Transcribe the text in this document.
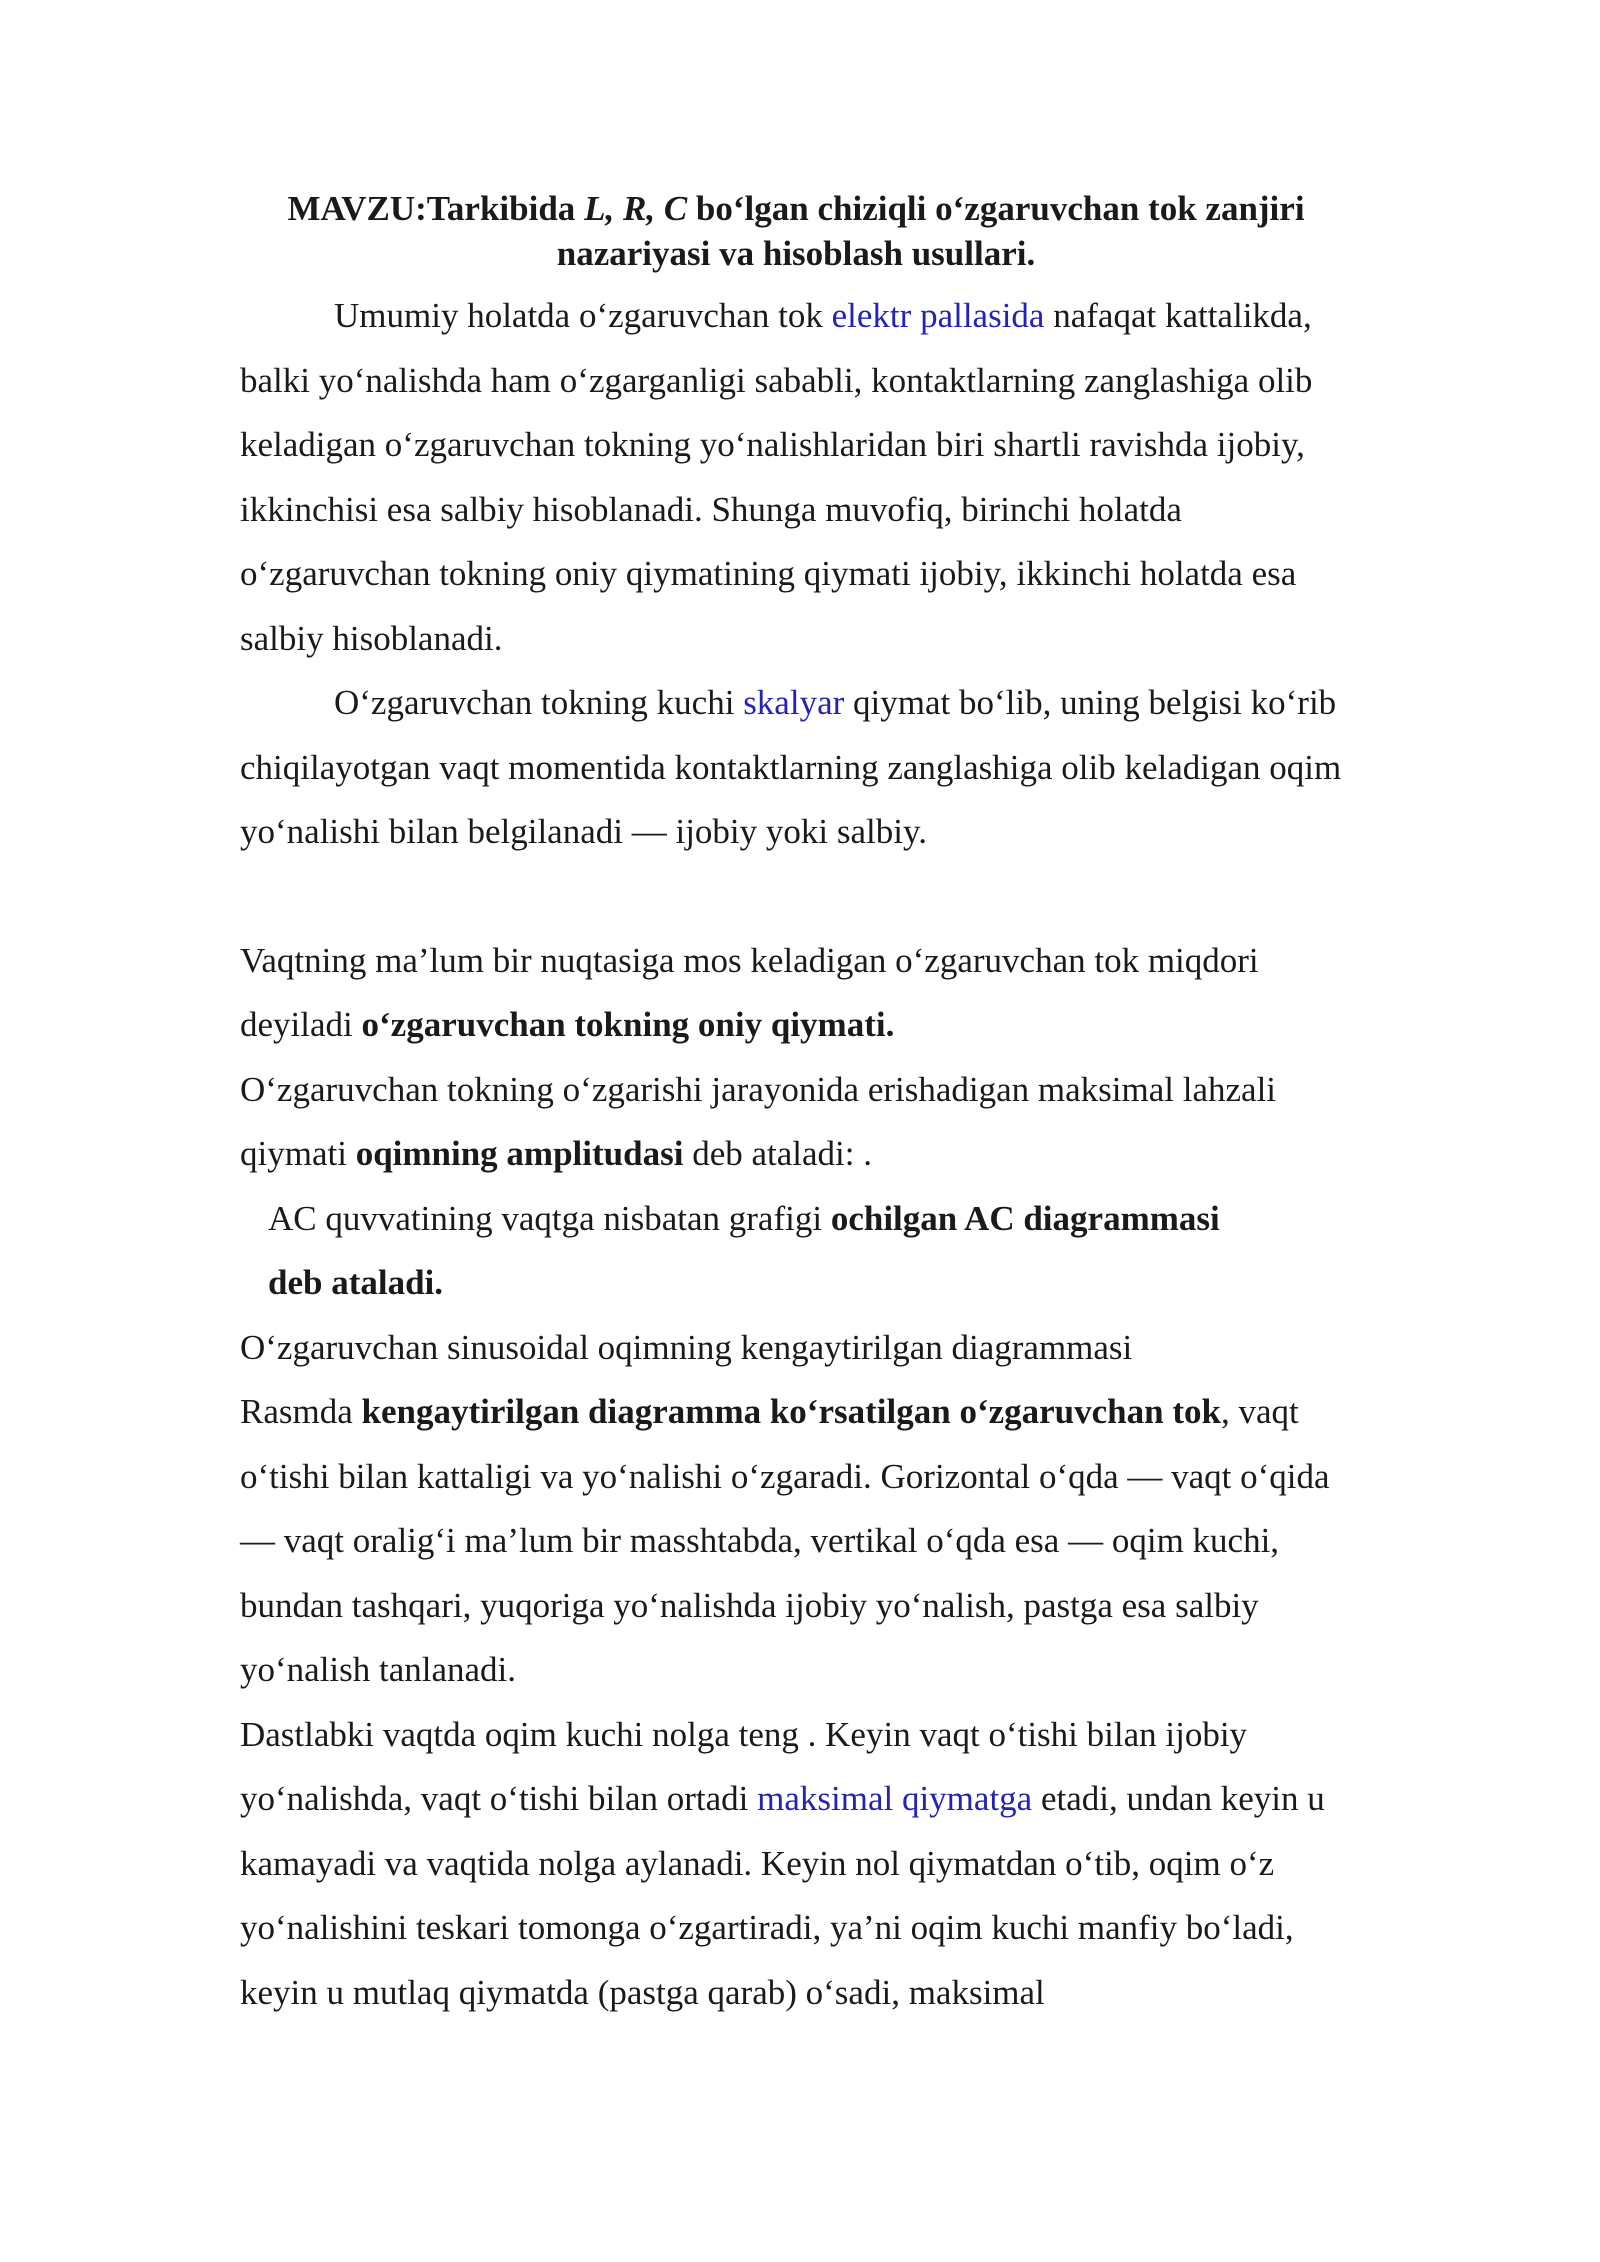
MAVZU:Tarkibida L, R, C bo‘lgan chiziqli o‘zgaruvchan tok zanjiri
nazariyasi va hisoblash usullari.

Umumiy holatda o‘zgaruvchan tok elektr pallasida nafaqat kattalikda, balki yo‘nalishda ham o‘zgarganligi sababli, kontaktlarning zanglashiga olib keladigan o‘zgaruvchan tokning yo‘nalishlaridan biri shartli ravishda ijobiy, ikkinchisi esa salbiy hisoblanadi. Shunga muvofiq, birinchi holatda o‘zgaruvchan tokning oniy qiymatining qiymati ijobiy, ikkinchi holatda esa salbiy hisoblanadi.

O‘zgaruvchan tokning kuchi skalyar qiymat bo‘lib, uning belgisi ko‘rib chiqilayotgan vaqt momentida kontaktlarning zanglashiga olib keladigan oqim yo‘nalishi bilan belgilanadi — ijobiy yoki salbiy.

Vaqtning ma’lum bir nuqtasiga mos keladigan o‘zgaruvchan tok miqdori deyiladi o‘zgaruvchan tokning oniy qiymati.

O‘zgaruvchan tokning o‘zgarishi jarayonida erishadigan maksimal lahzali qiymati oqimning amplitudasi deb ataladi: .

AC quvvatining vaqtga nisbatan grafigi ochilgan AC diagrammasi
deb ataladi.

O‘zgaruvchan sinusoidal oqimning kengaytirilgan diagrammasi

Rasmda kengaytirilgan diagramma ko‘rsatilgan o‘zgaruvchan tok, vaqt o‘tishi bilan kattaligi va yo‘nalishi o‘zgaradi. Gorizontal o‘qda — vaqt o‘qida — vaqt oralig‘i ma’lum bir masshtabda, vertikal o‘qda esa — oqim kuchi, bundan tashqari, yuqoriga yo‘nalishda ijobiy yo‘nalish, pastga esa salbiy yo‘nalish tanlanadi.

Dastlabki vaqtda oqim kuchi nolga teng . Keyin vaqt o‘tishi bilan ijobiy yo‘nalishda, vaqt o‘tishi bilan ortadi maksimal qiymatga etadi, undan keyin u kamayadi va vaqtida nolga aylanadi. Keyin nol qiymatdan o‘tib, oqim o‘z yo‘nalishini teskari tomonga o‘zgartiradi, ya’ni oqim kuchi manfiy bo‘ladi, keyin u mutlaq qiymatda (pastga qarab) o‘sadi, maksimal
